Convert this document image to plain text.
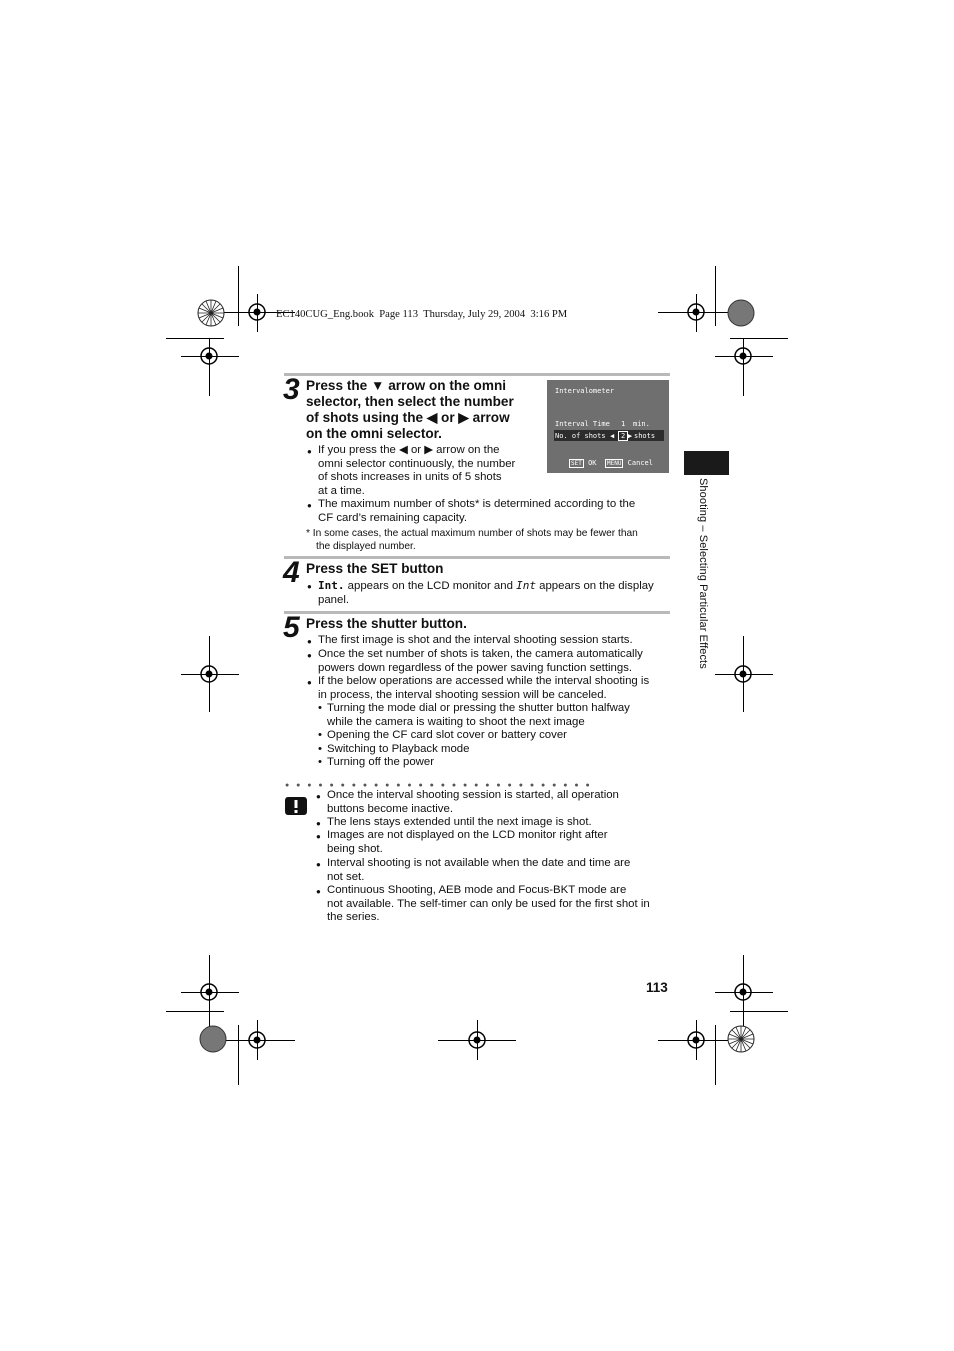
EC140CUG_Eng.book  Page 113  Thursday, July 29, 2004  3:16 PM
Shooting – Selecting Particular Effects
3 Press the ▼ arrow on the omni
selector, then select the number
of shots using the ◀ or ▶ arrow
on the omni selector.
● If you press the ◀ or ▶ arrow on the
omni selector continuously, the number
of shots increases in units of 5 shots
at a time.
● The maximum number of shots* is determined according to the
CF card’s remaining capacity.
* In some cases, the actual maximum number of shots may be fewer than
the displayed number.
Intervalometer
Interval Time 1 min.
No. of shots ◀ 2 ▶ shots
SET OK	MENU Cancel
4 Press the SET button
● Int. appears on the LCD monitor and Int appears on the display
panel.
5 Press the shutter button.
● The first image is shot and the interval shooting session starts.
● Once the set number of shots is taken, the camera automatically
powers down regardless of the power saving function settings.
● If the below operations are accessed while the interval shooting is
in process, the interval shooting session will be canceled.
• Turning the mode dial or pressing the shutter button halfway
while the camera is waiting to shoot the next image
• Opening the CF card slot cover or battery cover
• Switching to Playback mode
• Turning off the power
●●●●●●●●●●●●●●●●●●●●●●●●●●●●
● Once the interval shooting session is started, all operation
buttons become inactive.
● The lens stays extended until the next image is shot.
● Images are not displayed on the LCD monitor right after
being shot.
● Interval shooting is not available when the date and time are
not set.
● Continuous Shooting, AEB mode and Focus-BKT mode are
not available. The self-timer can only be used for the first shot in
the series.
113
